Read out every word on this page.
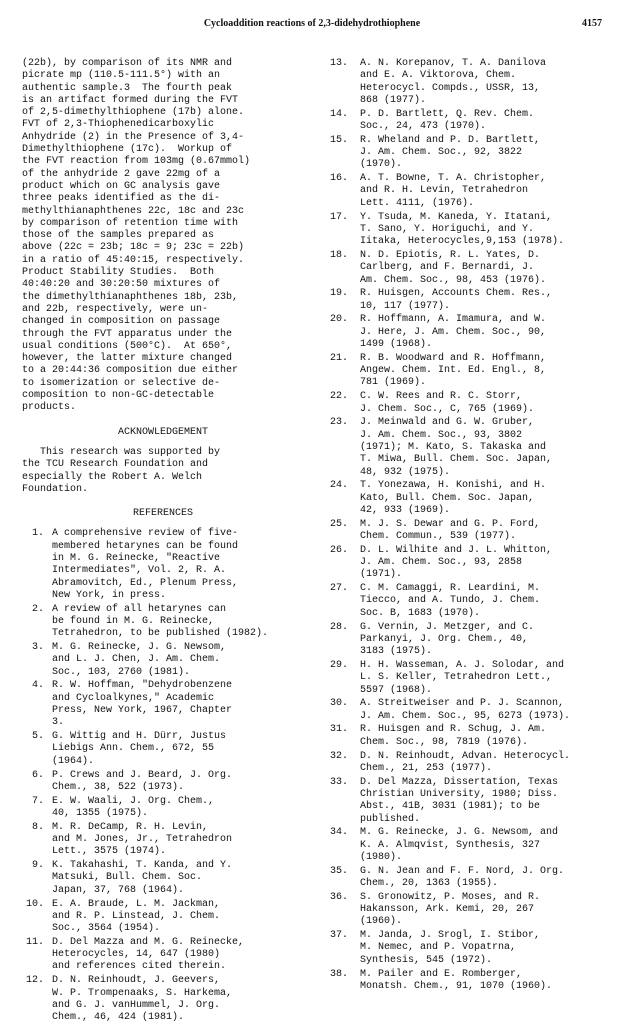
Cycloaddition reactions of 2,3-didehydrothiophene	4157

(22b), by comparison of its NMR and
picrate mp (110.5-111.5°) with an
authentic sample.3  The fourth peak
is an artifact formed during the FVT
of 2,5-dimethylthiophene (17b) alone.
FVT of 2,3-Thiophenedicarboxylic
Anhydride (2) in the Presence of 3,4-
Dimethylthiophene (17c).  Workup of
the FVT reaction from 103mg (0.67mmol)
of the anhydride 2 gave 22mg of a
product which on GC analysis gave
three peaks identified as the di-
methylthianaphthenes 22c, 18c and 23c
by comparison of retention time with
those of the samples prepared as
above (22c = 23b; 18c = 9; 23c = 22b)
in a ratio of 45:40:15, respectively.
Product Stability Studies.  Both
40:40:20 and 30:20:50 mixtures of
the dimethylthianaphthenes 18b, 23b,
and 22b, respectively, were un-
changed in composition on passage
through the FVT apparatus under the
usual conditions (500°C).  At 650°,
however, the latter mixture changed
to a 20:44:36 composition due either
to isomerization or selective de-
composition to non-GC-detectable
products.

ACKNOWLEDGEMENT

This research was supported by
the TCU Research Foundation and
especially the Robert A. Welch
Foundation.

REFERENCES

1. A comprehensive review of five-
membered hetarynes can be found
in M. G. Reinecke, "Reactive
Intermediates", Vol. 2, R. A.
Abramovitch, Ed., Plenum Press,
New York, in press.
2. A review of all hetarynes can
be found in M. G. Reinecke,
Tetrahedron, to be published (1982).
3. M. G. Reinecke, J. G. Newsom,
and L. J. Chen, J. Am. Chem.
Soc., 103, 2760 (1981).
4. R. W. Hoffman, "Dehydrobenzene
and Cycloalkynes," Academic
Press, New York, 1967, Chapter
3.
5. G. Wittig and H. Dürr, Justus
Liebigs Ann. Chem., 672, 55
(1964).
6. P. Crews and J. Beard, J. Org.
Chem., 38, 522 (1973).
7. E. W. Waali, J. Org. Chem.,
40, 1355 (1975).
8. M. R. DeCamp, R. H. Levin,
and M. Jones, Jr., Tetrahedron
Lett., 3575 (1974).
9. K. Takahashi, T. Kanda, and Y.
Matsuki, Bull. Chem. Soc.
Japan, 37, 768 (1964).
10. E. A. Braude, L. M. Jackman,
and R. P. Linstead, J. Chem.
Soc., 3564 (1954).
11. D. Del Mazza and M. G. Reinecke,
Heterocycles, 14, 647 (1980)
and references cited therein.
12. D. N. Reinhoudt, J. Geevers,
W. P. Trompenaaks, S. Harkema,
and G. J. vanHummel, J. Org.
Chem., 46, 424 (1981).
13. A. N. Korepanov, T. A. Danilova
and E. A. Viktorova, Chem.
Heterocycl. Compds., USSR, 13,
868 (1977).
14. P. D. Bartlett, Q. Rev. Chem.
Soc., 24, 473 (1970).
15. R. Wheland and P. D. Bartlett,
J. Am. Chem. Soc., 92, 3822
(1970).
16. A. T. Bowne, T. A. Christopher,
and R. H. Levin, Tetrahedron
Lett. 4111, (1976).
17. Y. Tsuda, M. Kaneda, Y. Itatani,
T. Sano, Y. Horiguchi, and Y.
Iitaka, Heterocycles,9,153 (1978).
18. N. D. Epiotis, R. L. Yates, D.
Carlberg, and F. Bernardi, J.
Am. Chem. Soc., 98, 453 (1976).
19. R. Huisgen, Accounts Chem. Res.,
10, 117 (1977).
20. R. Hoffmann, A. Imamura, and W.
J. Here, J. Am. Chem. Soc., 90,
1499 (1968).
21. R. B. Woodward and R. Hoffmann,
Angew. Chem. Int. Ed. Engl., 8,
781 (1969).
22. C. W. Rees and R. C. Storr,
J. Chem. Soc., C, 765 (1969).
23. J. Meinwald and G. W. Gruber,
J. Am. Chem. Soc., 93, 3802
(1971); M. Kato, S. Takaska and
T. Miwa, Bull. Chem. Soc. Japan,
48, 932 (1975).
24. T. Yonezawa, H. Konishi, and H.
Kato, Bull. Chem. Soc. Japan,
42, 933 (1969).
25. M. J. S. Dewar and G. P. Ford,
Chem. Commun., 539 (1977).
26. D. L. Wilhite and J. L. Whitton,
J. Am. Chem. Soc., 93, 2858
(1971).
27. C. M. Camaggi, R. Leardini, M.
Tiecco, and A. Tundo, J. Chem.
Soc. B, 1683 (1970).
28. G. Vernin, J. Metzger, and C.
Parkanyi, J. Org. Chem., 40,
3183 (1975).
29. H. H. Wasseman, A. J. Solodar, and
L. S. Keller, Tetrahedron Lett.,
5597 (1968).
30. A. Streitweiser and P. J. Scannon,
J. Am. Chem. Soc., 95, 6273 (1973).
31. R. Huisgen and R. Schug, J. Am.
Chem. Soc., 98, 7819 (1976).
32. D. N. Reinhoudt, Advan. Heterocycl.
Chem., 21, 253 (1977).
33. D. Del Mazza, Dissertation, Texas
Christian University, 1980; Diss.
Abst., 41B, 3031 (1981); to be
published.
34. M. G. Reinecke, J. G. Newsom, and
K. A. Almqvist, Synthesis, 327
(1980).
35. G. N. Jean and F. F. Nord, J. Org.
Chem., 20, 1363 (1955).
36. S. Gronowitz, P. Moses, and R.
Hakansson, Ark. Kemi, 20, 267
(1960).
37. M. Janda, J. Srogl, I. Stibor,
M. Nemec, and P. Vopatrna,
Synthesis, 545 (1972).
38. M. Pailer and E. Romberger,
Monatsh. Chem., 91, 1070 (1960).
